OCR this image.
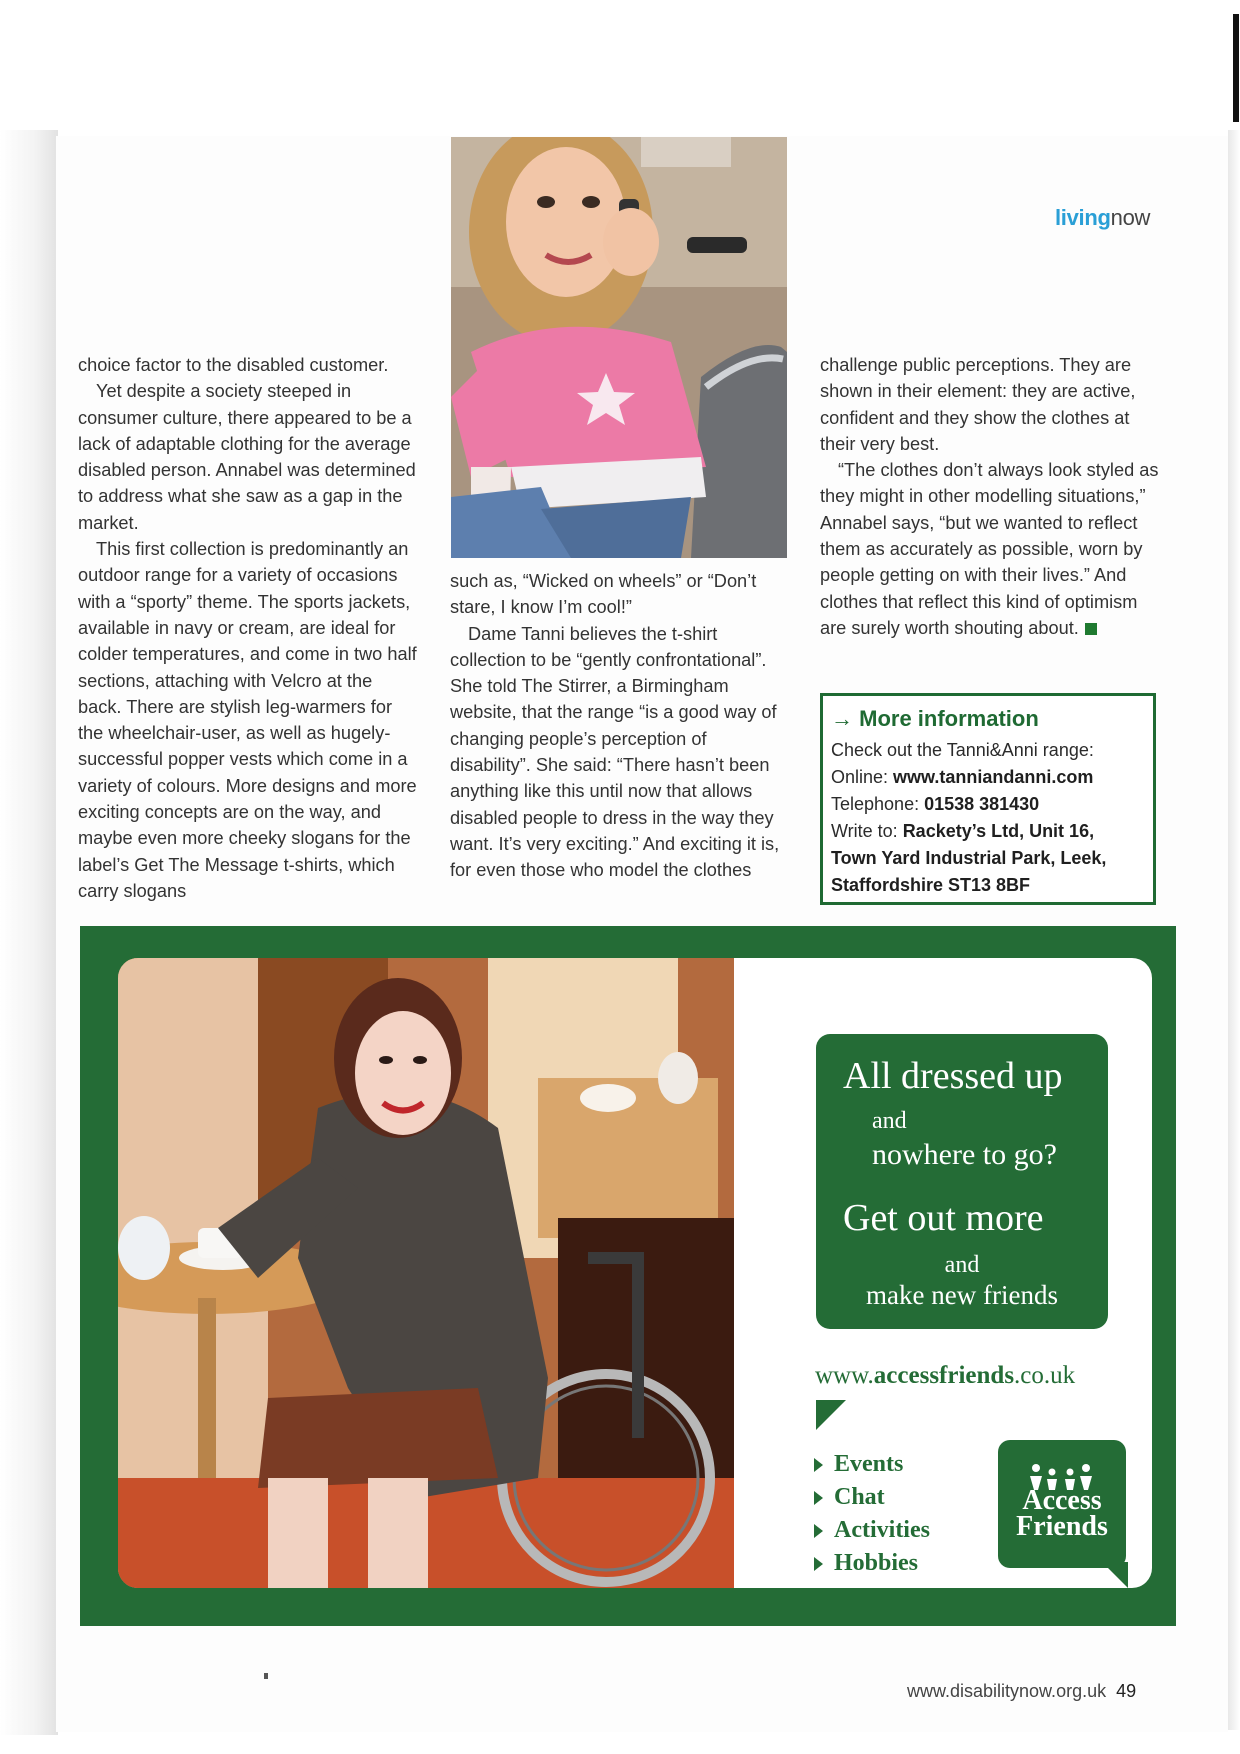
livingnow

choice factor to the disabled customer.

Yet despite a society steeped in consumer culture, there appeared to be a lack of adaptable clothing for the average disabled person. Annabel was determined to address what she saw as a gap in the market.

This first collection is predominantly an outdoor range for a variety of occasions with a “sporty” theme. The sports jackets, available in navy or cream, are ideal for colder temperatures, and come in two half sections, attaching with Velcro at the back. There are stylish leg-warmers for the wheelchair-user, as well as hugely-successful popper vests which come in a variety of colours. More designs and more exciting concepts are on the way, and maybe even more cheeky slogans for the label’s Get The Message t-shirts, which carry slogans

such as, “Wicked on wheels” or “Don’t stare, I know I’m cool!”

Dame Tanni believes the t-shirt collection to be “gently confrontational”. She told The Stirrer, a Birmingham website, that the range “is a good way of changing people’s perception of disability”. She said: “There hasn’t been anything like this until now that allows disabled people to dress in the way they want. It’s very exciting.” And exciting it is, for even those who model the clothes

challenge public perceptions. They are shown in their element: they are active, confident and they show the clothes at their very best.

“The clothes don’t always look styled as they might in other modelling situations,” Annabel says, “but we wanted to reflect them as accurately as possible, worn by people getting on with their lives.” And clothes that reflect this kind of optimism are surely worth shouting about.

→ More information
Check out the Tanni&Anni range:
Online: www.tanniandanni.com
Telephone: 01538 381430
Write to: Rackety’s Ltd, Unit 16,
Town Yard Industrial Park, Leek,
Staffordshire ST13 8BF
All dressed up
and
nowhere to go?
Get out more
and
make new friends
www.accessfriends.co.uk
Events
Chat
Activities
Hobbies
Access
Friends
www.disabilitynow.org.uk 49
